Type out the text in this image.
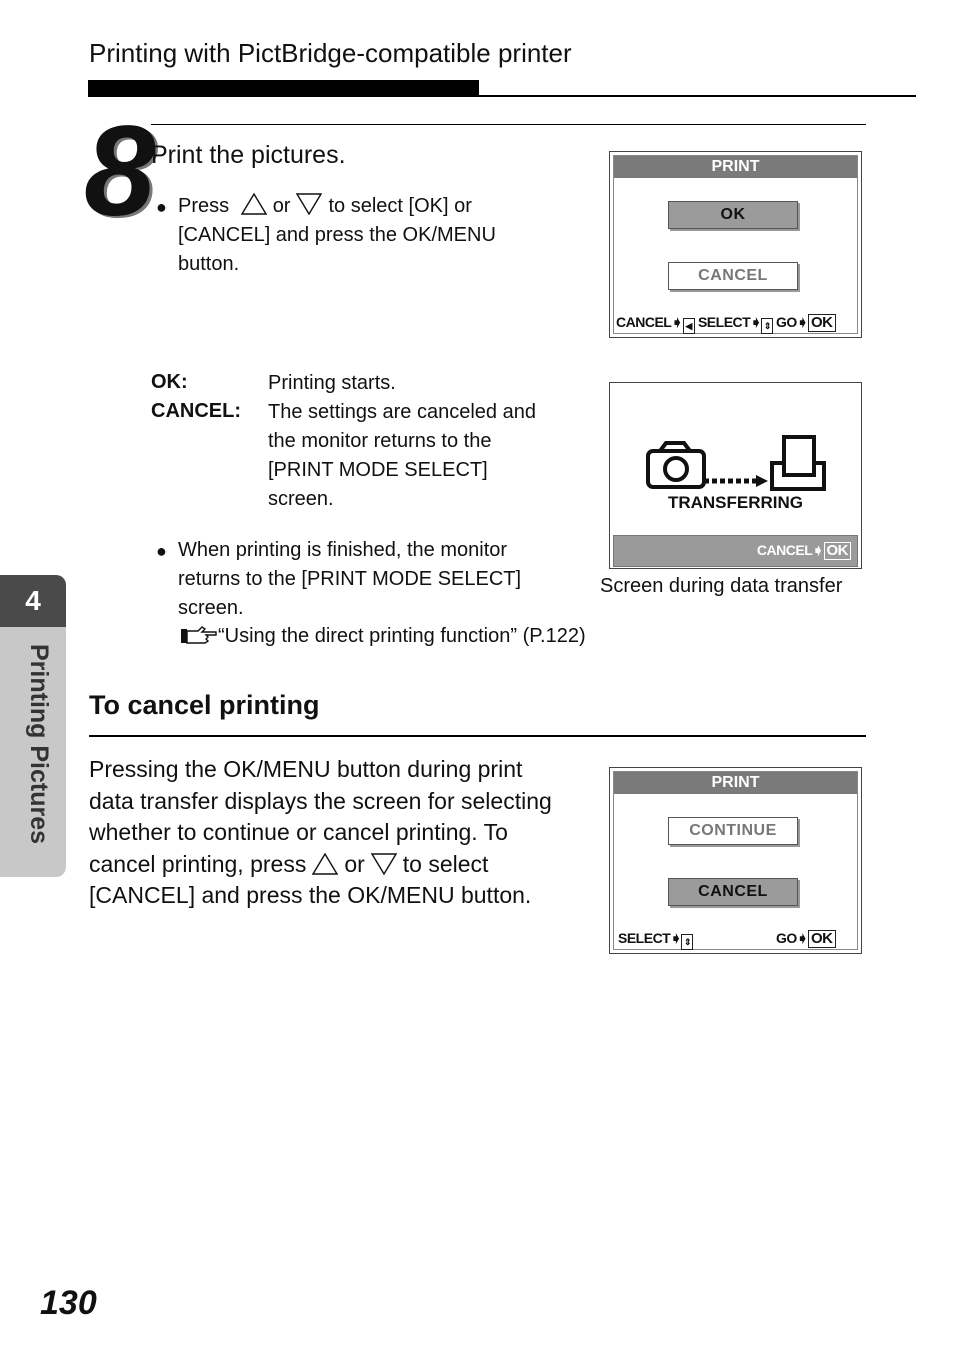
Printing with PictBridge-compatible printer
8 Print the pictures.
● Press or to select [OK] or
[CANCEL] and press the OK/MENU
button.
PRINT
OK
CANCEL
CANCEL➧ ◀ SELECT➧ ⇕ GO➧ OK
OK:	Printing starts.
CANCEL: The settings are canceled and
the monitor returns to the
[PRINT MODE SELECT]
screen.	TRANSFERRING
CANCEL➧ OK
Screen during data transfer
● When printing is finished, the monitor
returns to the [PRINT MODE SELECT]
screen.
“Using the direct printing function” (P.122)
To cancel printing
Pressing the OK/MENU button during print
data transfer displays the screen for selecting
whether to continue or cancel printing. To
cancel printing, press or to select
[CANCEL] and press the OK/MENU button.
PRINT
CONTINUE
CANCEL
SELECT➧ ⇕	GO➧ OK
4
Printing Pictures
130
